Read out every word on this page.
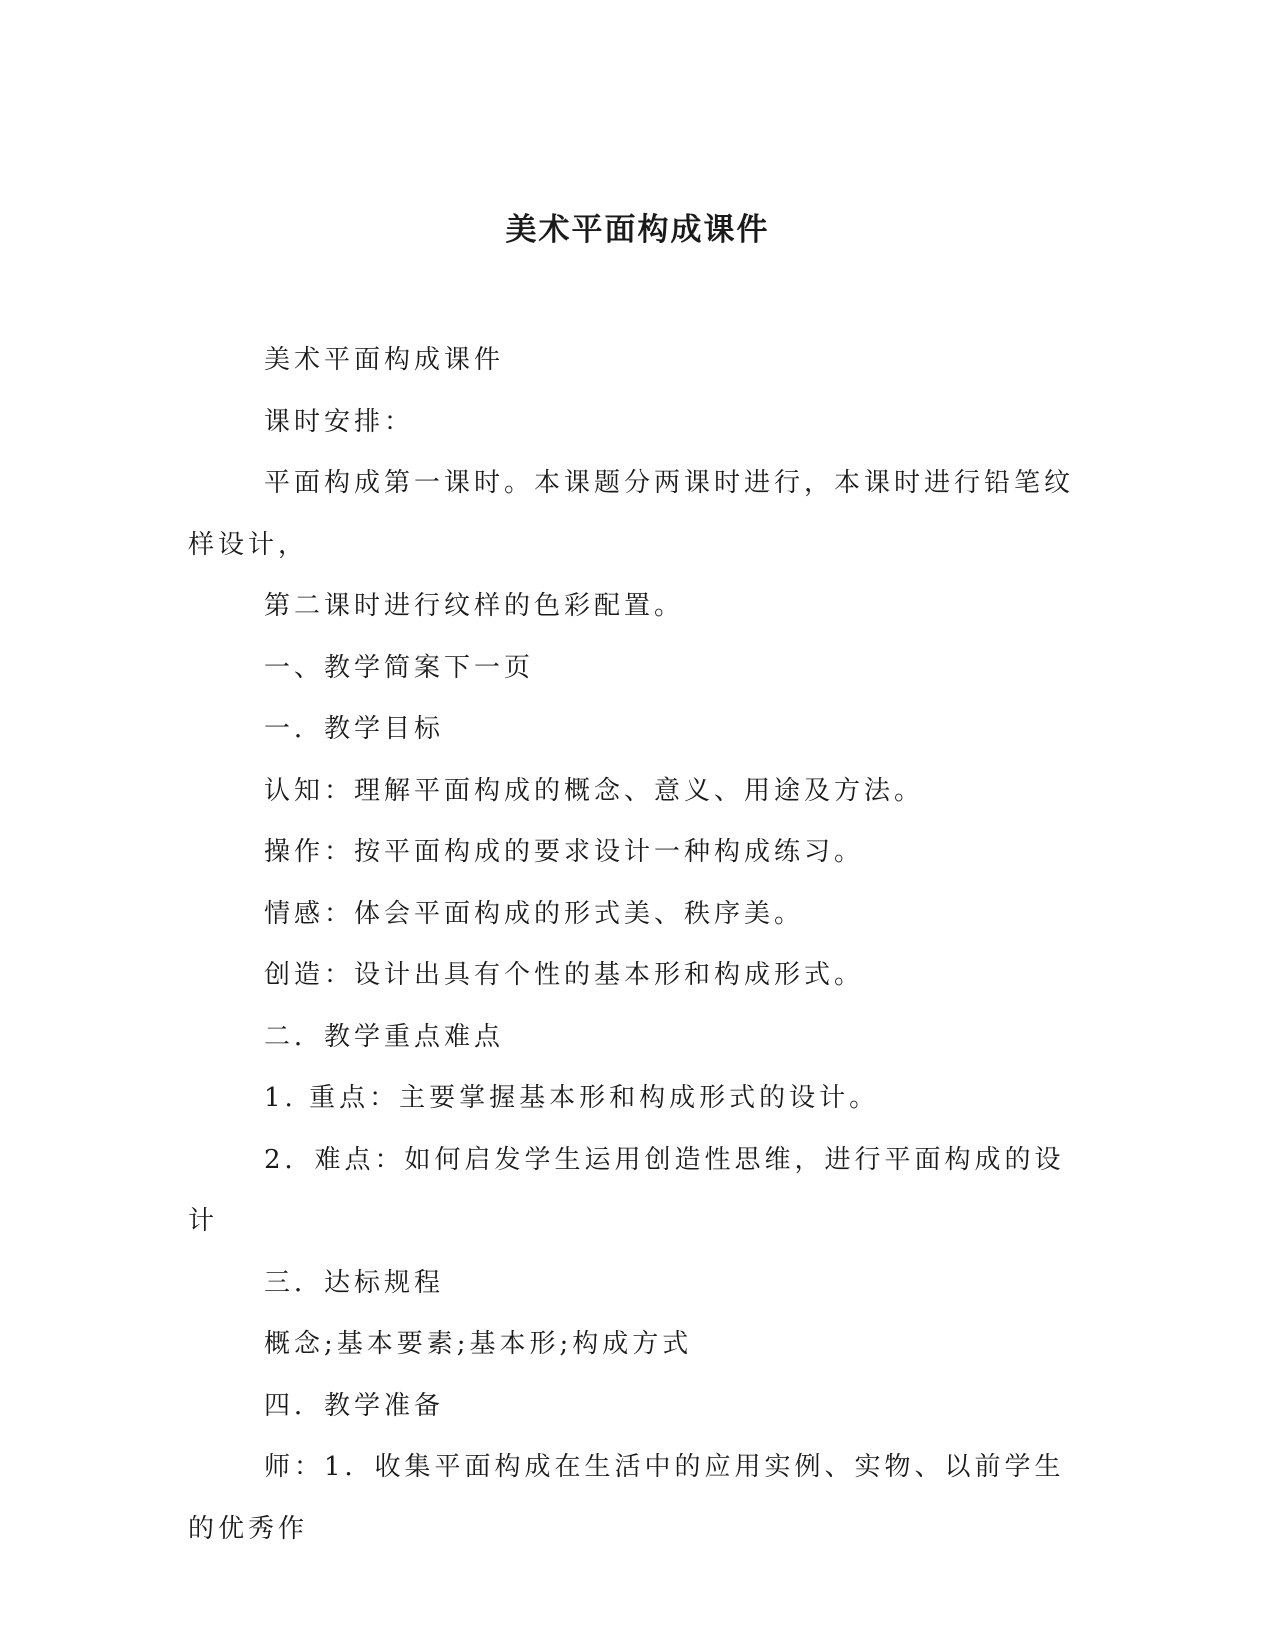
美术平面构成课件

美术平面构成课件

课时安排：

平面构成第一课时。本课题分两课时进行，本课时进行铅笔纹样设计，

第二课时进行纹样的色彩配置。

一、教学简案下一页

一．教学目标

认知：理解平面构成的概念、意义、用途及方法。

操作：按平面构成的要求设计一种构成练习。

情感：体会平面构成的形式美、秩序美。

创造：设计出具有个性的基本形和构成形式。

二．教学重点难点

1. 重点：主要掌握基本形和构成形式的设计。

2．难点：如何启发学生运用创造性思维，进行平面构成的设计

三．达标规程

概念;基本要素;基本形;构成方式

四．教学准备

师：1．收集平面构成在生活中的应用实例、实物、以前学生的优秀作
